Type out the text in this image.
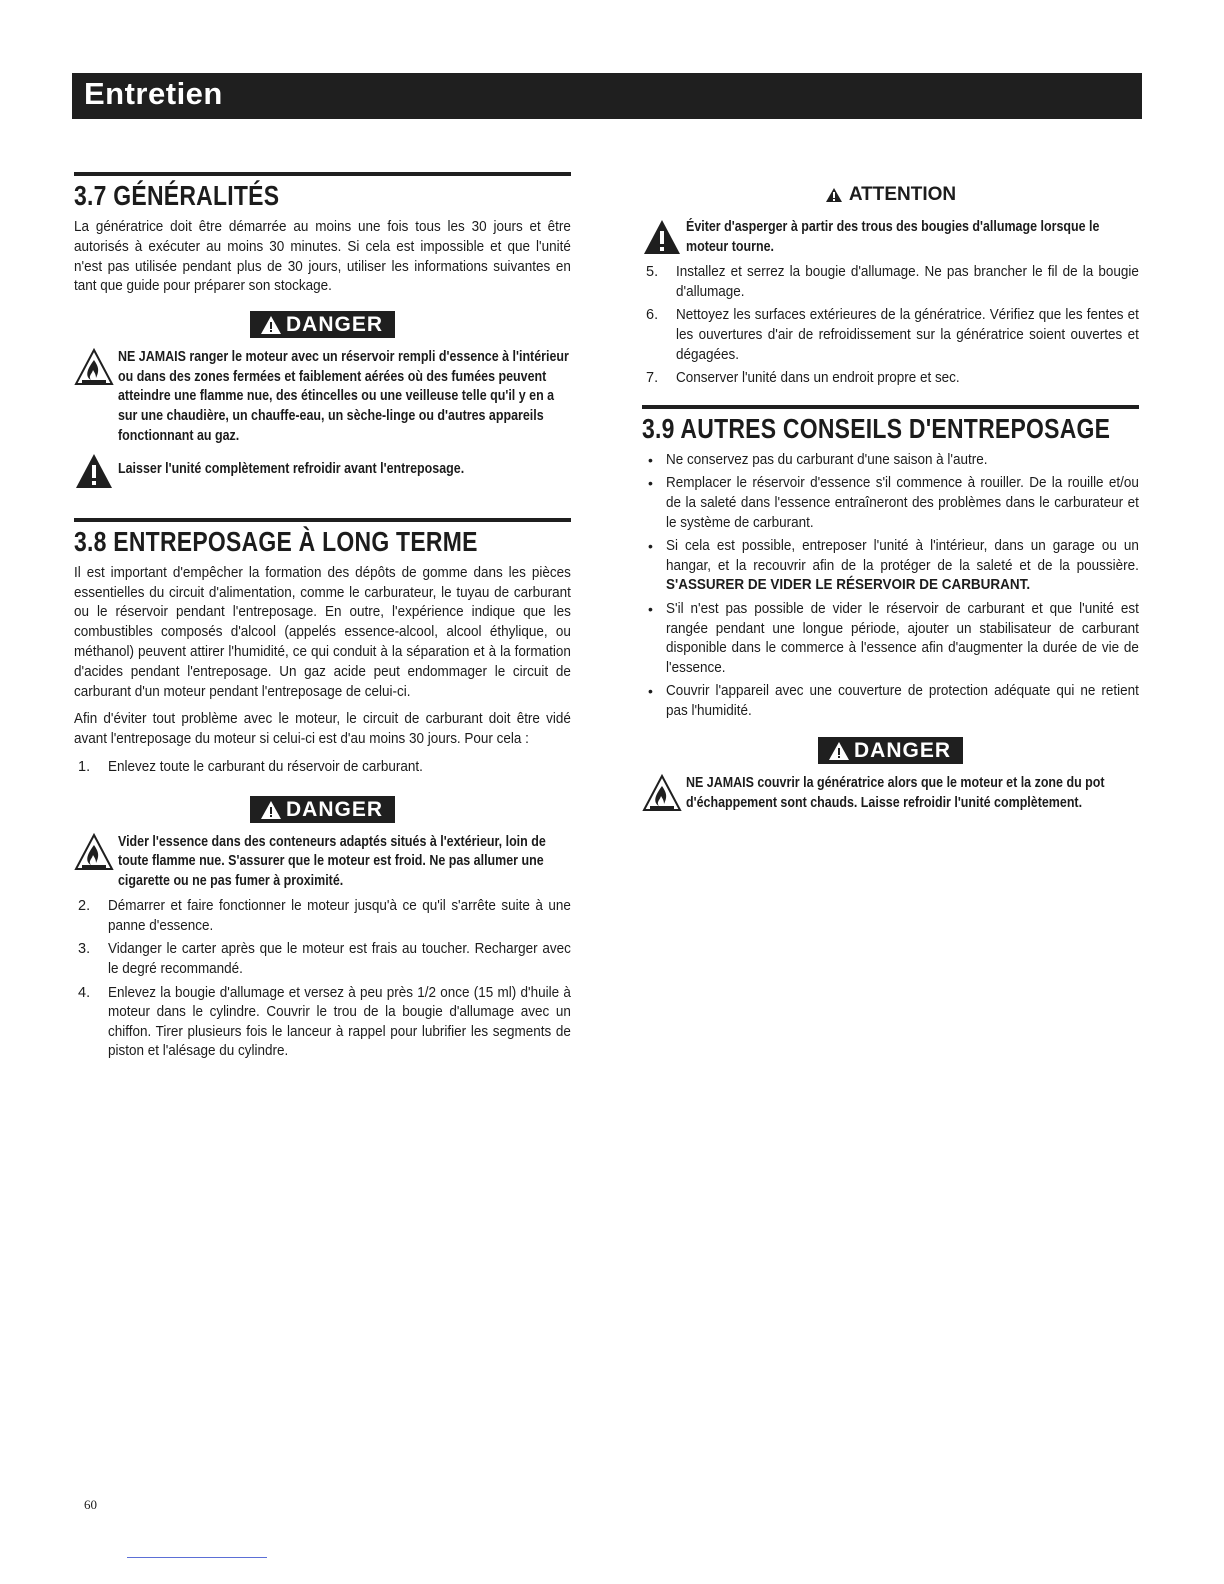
Entretien
3.7 GÉNÉRALITÉS

La génératrice doit être démarrée au moins une fois tous les 30 jours et être autorisés à exécuter au moins 30 minutes. Si cela est impossible et que l'unité n'est pas utilisée pendant plus de 30 jours, utiliser les informations suivantes en tant que guide pour préparer son stockage.

DANGER
NE JAMAIS ranger le moteur avec un réservoir rempli d'essence à l'intérieur ou dans des zones fermées et faiblement aérées où des fumées peuvent atteindre une flamme nue, des étincelles ou une veilleuse telle qu'il y en a sur une chaudière, un chauffe-eau, un sèche-linge ou d'autres appareils fonctionnant au gaz.
Laisser l'unité complètement refroidir avant l'entreposage.
3.8 ENTREPOSAGE À LONG TERME

Il est important d'empêcher la formation des dépôts de gomme dans les pièces essentielles du circuit d'alimentation, comme le carburateur, le tuyau de carburant ou le réservoir pendant l'entreposage. En outre, l'expérience indique que les combustibles composés d'alcool (appelés essence-alcool, alcool éthylique, ou méthanol) peuvent attirer l'humidité, ce qui conduit à la séparation et à la formation d'acides pendant l'entreposage. Un gaz acide peut endommager le circuit de carburant d'un moteur pendant l'entreposage de celui-ci.

Afin d'éviter tout problème avec le moteur, le circuit de carburant doit être vidé avant l'entreposage du moteur si celui-ci est d'au moins 30 jours. Pour cela :

1. Enlevez toute le carburant du réservoir de carburant.
DANGER
Vider l'essence dans des conteneurs adaptés situés à l'extérieur, loin de toute flamme nue. S'assurer que le moteur est froid. Ne pas allumer une cigarette ou ne pas fumer à proximité.
2. Démarrer et faire fonctionner le moteur jusqu'à ce qu'il s'arrête suite à une panne d'essence.
3. Vidanger le carter après que le moteur est frais au toucher. Recharger avec le degré recommandé.
4. Enlevez la bougie d'allumage et versez à peu près 1/2 once (15 ml) d'huile à moteur dans le cylindre. Couvrir le trou de la bougie d'allumage avec un chiffon. Tirer plusieurs fois le lanceur à rappel pour lubrifier les segments de piston et l'alésage du cylindre.
ATTENTION
Éviter d'asperger à partir des trous des bougies d'allumage lorsque le moteur tourne.
5. Installez et serrez la bougie d'allumage. Ne pas brancher le fil de la bougie d'allumage.
6. Nettoyez les surfaces extérieures de la génératrice. Vérifiez que les fentes et les ouvertures d'air de refroidissement sur la génératrice soient ouvertes et dégagées.
7. Conserver l'unité dans un endroit propre et sec.
3.9 AUTRES CONSEILS D'ENTREPOSAGE
• Ne conservez pas du carburant d'une saison à l'autre.
• Remplacer le réservoir d'essence s'il commence à rouiller. De la rouille et/ou de la saleté dans l'essence entraîneront des problèmes dans le carburateur et le système de carburant.
• Si cela est possible, entreposer l'unité à l'intérieur, dans un garage ou un hangar, et la recouvrir afin de la protéger de la saleté et de la poussière. S'ASSURER DE VIDER LE RÉSERVOIR DE CARBURANT.
• S'il n'est pas possible de vider le réservoir de carburant et que l'unité est rangée pendant une longue période, ajouter un stabilisateur de carburant disponible dans le commerce à l'essence afin d'augmenter la durée de vie de l'essence.
• Couvrir l'appareil avec une couverture de protection adéquate qui ne retient pas l'humidité.
DANGER
NE JAMAIS couvrir la génératrice alors que le moteur et la zone du pot d'échappement sont chauds. Laisse refroidir l'unité complètement.
60
